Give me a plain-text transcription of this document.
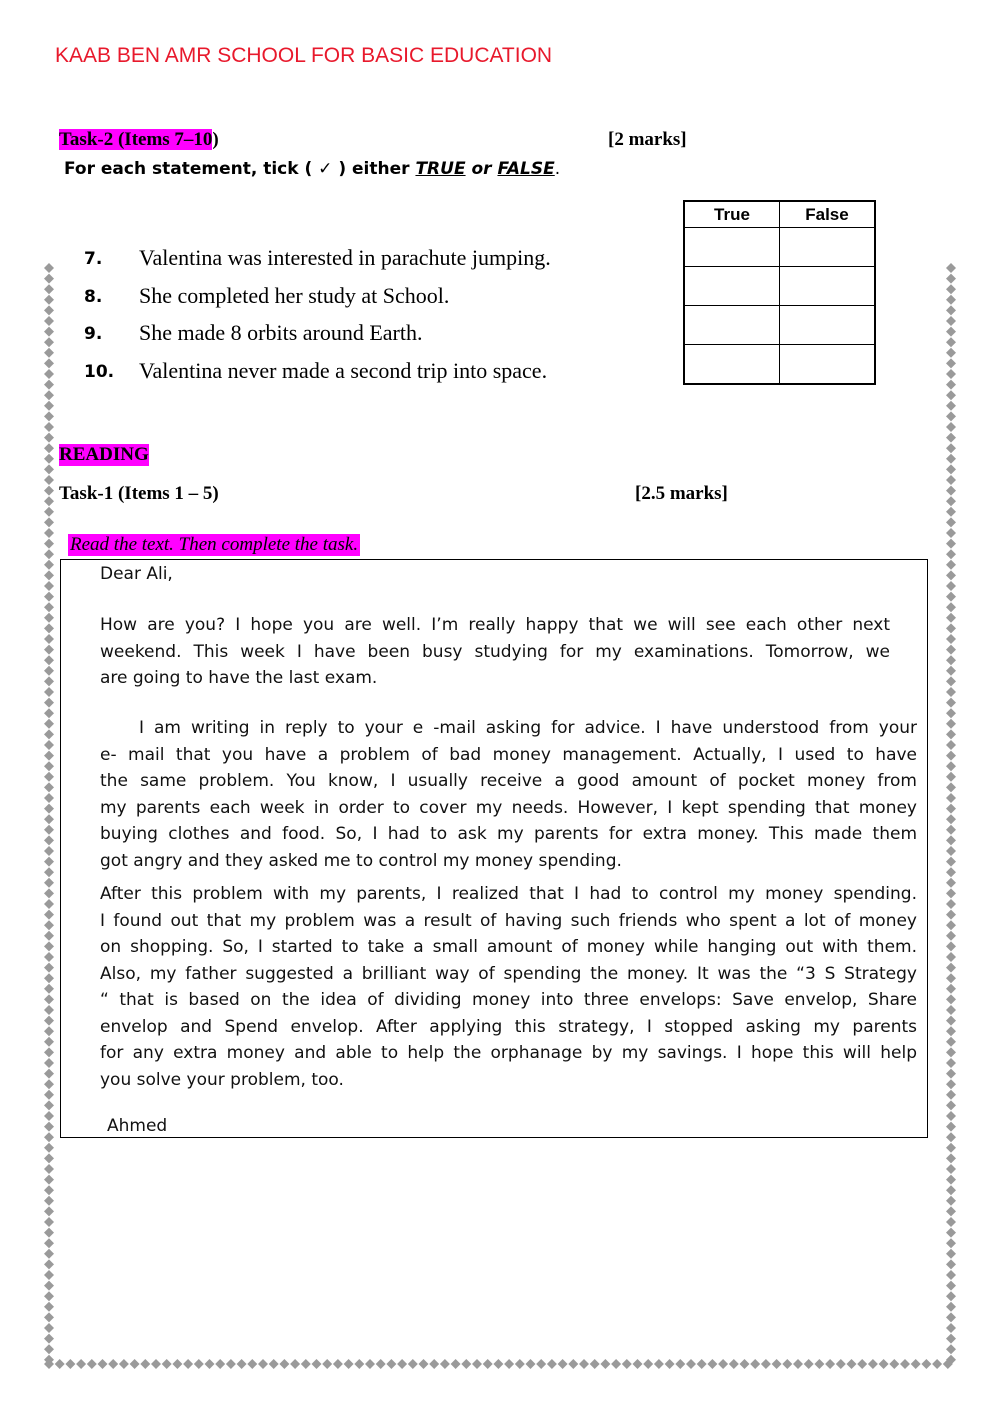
KAAB BEN AMR SCHOOL FOR BASIC EDUCATION
Task-2 (Items 7–10)	[2 marks]
For each statement, tick ( ✓ ) either TRUE or FALSE.
True	False

7. Valentina was interested in parachute jumping.
8. She completed her study at School.
9. She made 8 orbits around Earth.
10. Valentina never made a second trip into space.
READING
Task-1 (Items 1 – 5)	[2.5 marks]
Read the text. Then complete the task.
Dear Ali,
How are you? I hope you are well. I’m really happy that we will see each other next
weekend. This week I have been busy studying for my examinations. Tomorrow, we
are going to have the last exam.
I am writing in reply to your e -mail asking for advice. I have understood from your
e- mail that you have a problem of bad money management. Actually, I used to have
the same problem. You know, I usually receive a good amount of pocket money from
my parents each week in order to cover my needs. However, I kept spending that money
buying clothes and food. So, I had to ask my parents for extra money. This made them
got angry and they asked me to control my money spending.
After this problem with my parents, I realized that I had to control my money spending.
I found out that my problem was a result of having such friends who spent a lot of money
on shopping. So, I started to take a small amount of money while hanging out with them.
Also, my father suggested a brilliant way of spending the money. It was the “3 S Strategy
“ that is based on the idea of dividing money into three envelops: Save envelop, Share
envelop and Spend envelop. After applying this strategy, I stopped asking my parents
for any extra money and able to help the orphanage by my savings. I hope this will help
you solve your problem, too.
Ahmed
